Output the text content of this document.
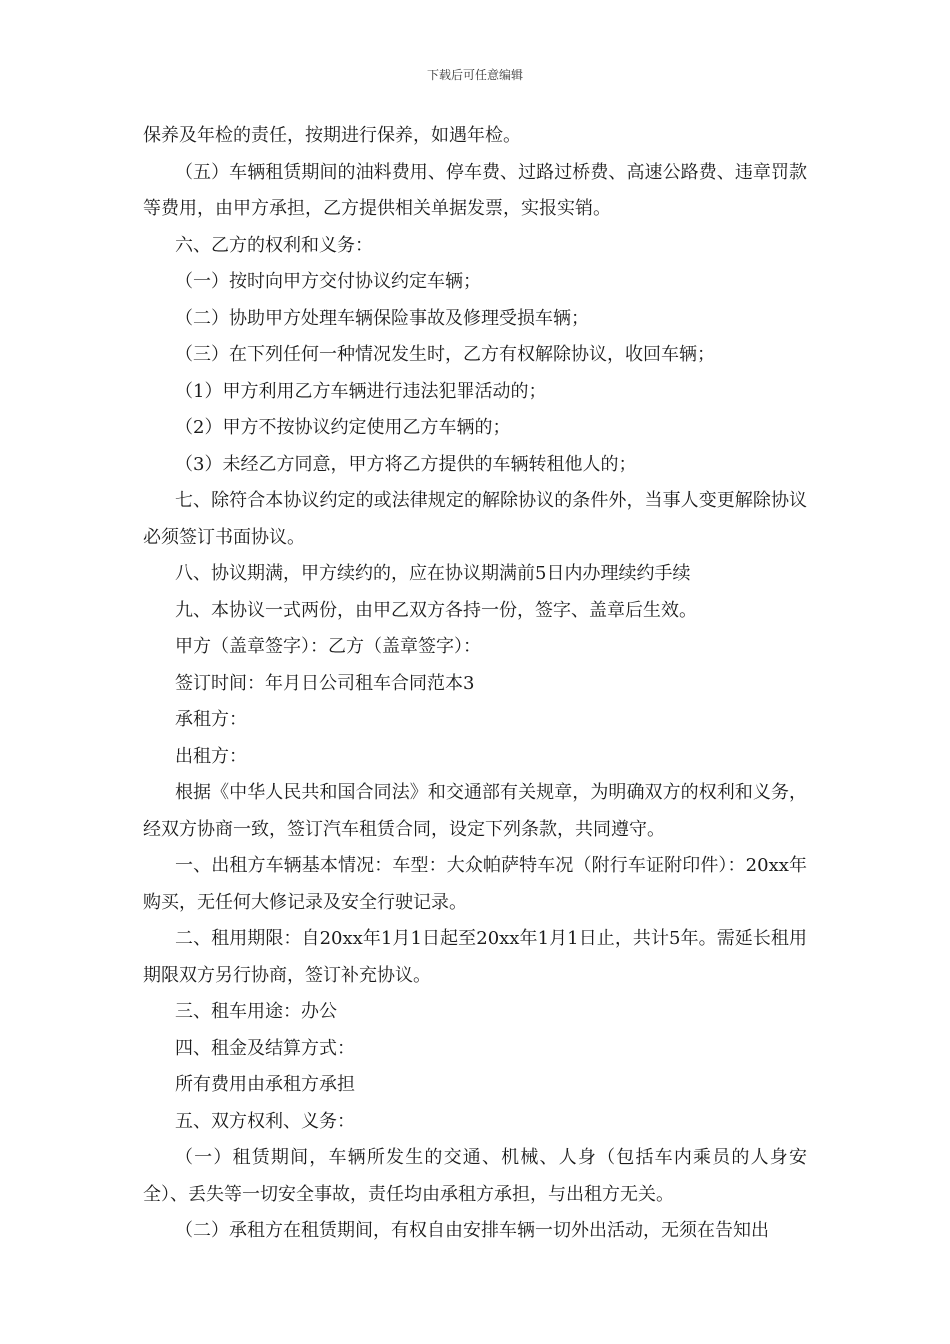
下载后可任意编辑

保养及年检的责任，按期进行保养，如遇年检。

（五）车辆租赁期间的油料费用、停车费、过路过桥费、高速公路费、违章罚款等费用，由甲方承担，乙方提供相关单据发票，实报实销。

六、乙方的权利和义务：

（一）按时向甲方交付协议约定车辆；

（二）协助甲方处理车辆保险事故及修理受损车辆；

（三）在下列任何一种情况发生时，乙方有权解除协议，收回车辆；

（1）甲方利用乙方车辆进行违法犯罪活动的；

（2）甲方不按协议约定使用乙方车辆的；

（3）未经乙方同意，甲方将乙方提供的车辆转租他人的；

七、除符合本协议约定的或法律规定的解除协议的条件外，当事人变更解除协议必须签订书面协议。

八、协议期满，甲方续约的，应在协议期满前5日内办理续约手续

九、本协议一式两份，由甲乙双方各持一份，签字、盖章后生效。

甲方（盖章签字）：乙方（盖章签字）：

签订时间：年月日公司租车合同范本3

承租方：

出租方：

根据《中华人民共和国合同法》和交通部有关规章，为明确双方的权利和义务，经双方协商一致，签订汽车租赁合同，设定下列条款，共同遵守。

一、出租方车辆基本情况：车型：大众帕萨特车况（附行车证附印件）：20xx年购买，无任何大修记录及安全行驶记录。

二、租用期限：自20xx年1月1日起至20xx年1月1日止，共计5年。需延长租用期限双方另行协商，签订补充协议。

三、租车用途：办公

四、租金及结算方式：

所有费用由承租方承担

五、双方权利、义务：

（一）租赁期间，车辆所发生的交通、机械、人身（包括车内乘员的人身安全）、丢失等一切安全事故，责任均由承租方承担，与出租方无关。

（二）承租方在租赁期间，有权自由安排车辆一切外出活动，无须在告知出
